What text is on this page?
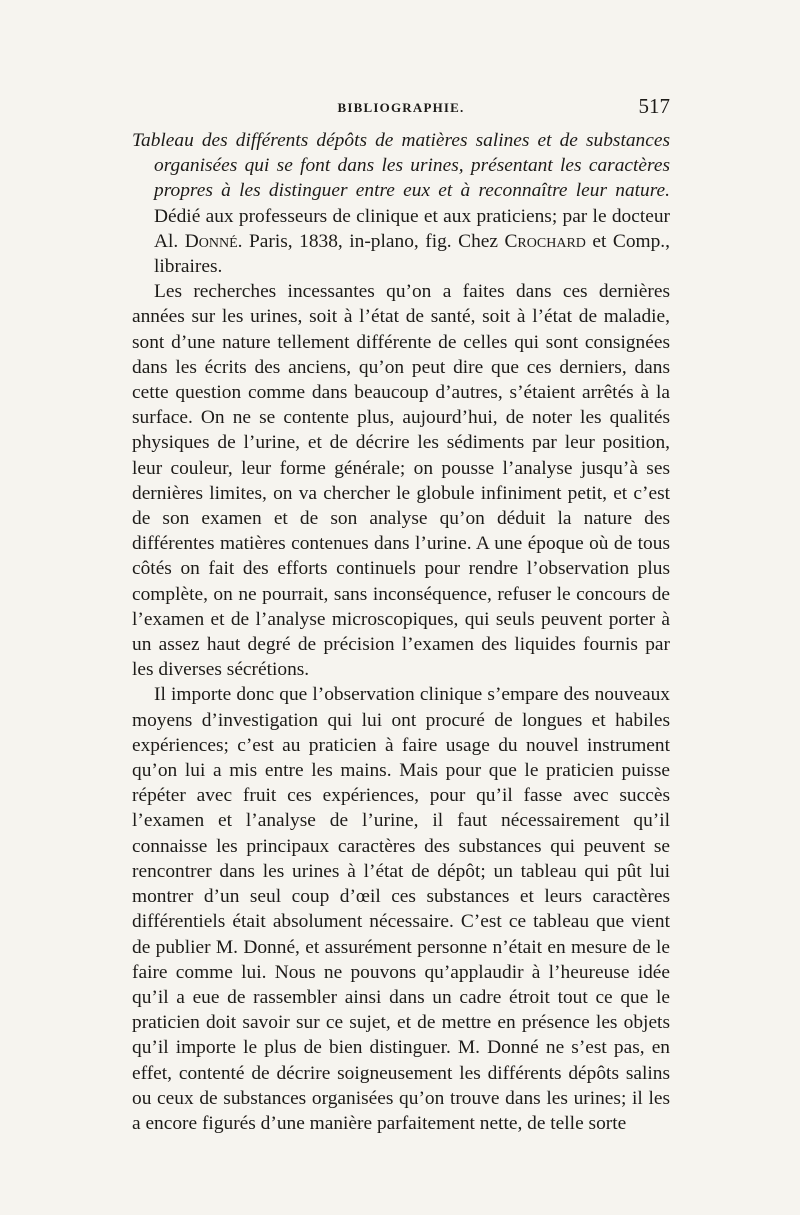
BIBLIOGRAPHIE.	517

Tableau des différents dépôts de matières salines et de substances organisées qui se font dans les urines, présentant les caractères propres à les distinguer entre eux et à reconnaître leur nature. Dédié aux professeurs de clinique et aux praticiens; par le docteur Al. Donné. Paris, 1838, in-plano, fig. Chez Crochard et Comp., libraires.

Les recherches incessantes qu’on a faites dans ces dernières années sur les urines, soit à l’état de santé, soit à l’état de maladie, sont d’une nature tellement différente de celles qui sont consignées dans les écrits des anciens, qu’on peut dire que ces derniers, dans cette question comme dans beaucoup d’autres, s’étaient arrêtés à la surface. On ne se contente plus, aujourd’hui, de noter les qualités physiques de l’urine, et de décrire les sédiments par leur position, leur couleur, leur forme générale; on pousse l’analyse jusqu’à ses dernières limites, on va chercher le globule infiniment petit, et c’est de son examen et de son analyse qu’on déduit la nature des différentes matières contenues dans l’urine. A une époque où de tous côtés on fait des efforts continuels pour rendre l’observation plus complète, on ne pourrait, sans inconséquence, refuser le concours de l’examen et de l’analyse microscopiques, qui seuls peuvent porter à un assez haut degré de précision l’examen des liquides fournis par les diverses sécrétions.

Il importe donc que l’observation clinique s’empare des nouveaux moyens d’investigation qui lui ont procuré de longues et habiles expériences; c’est au praticien à faire usage du nouvel instrument qu’on lui a mis entre les mains. Mais pour que le praticien puisse répéter avec fruit ces expériences, pour qu’il fasse avec succès l’examen et l’analyse de l’urine, il faut nécessairement qu’il connaisse les principaux caractères des substances qui peuvent se rencontrer dans les urines à l’état de dépôt; un tableau qui pût lui montrer d’un seul coup d’œil ces substances et leurs caractères différentiels était absolument nécessaire. C’est ce tableau que vient de publier M. Donné, et assurément personne n’était en mesure de le faire comme lui. Nous ne pouvons qu’applaudir à l’heureuse idée qu’il a eue de rassembler ainsi dans un cadre étroit tout ce que le praticien doit savoir sur ce sujet, et de mettre en présence les objets qu’il importe le plus de bien distinguer. M. Donné ne s’est pas, en effet, contenté de décrire soigneusement les différents dépôts salins ou ceux de substances organisées qu’on trouve dans les urines; il les a encore figurés d’une manière parfaitement nette, de telle sorte
